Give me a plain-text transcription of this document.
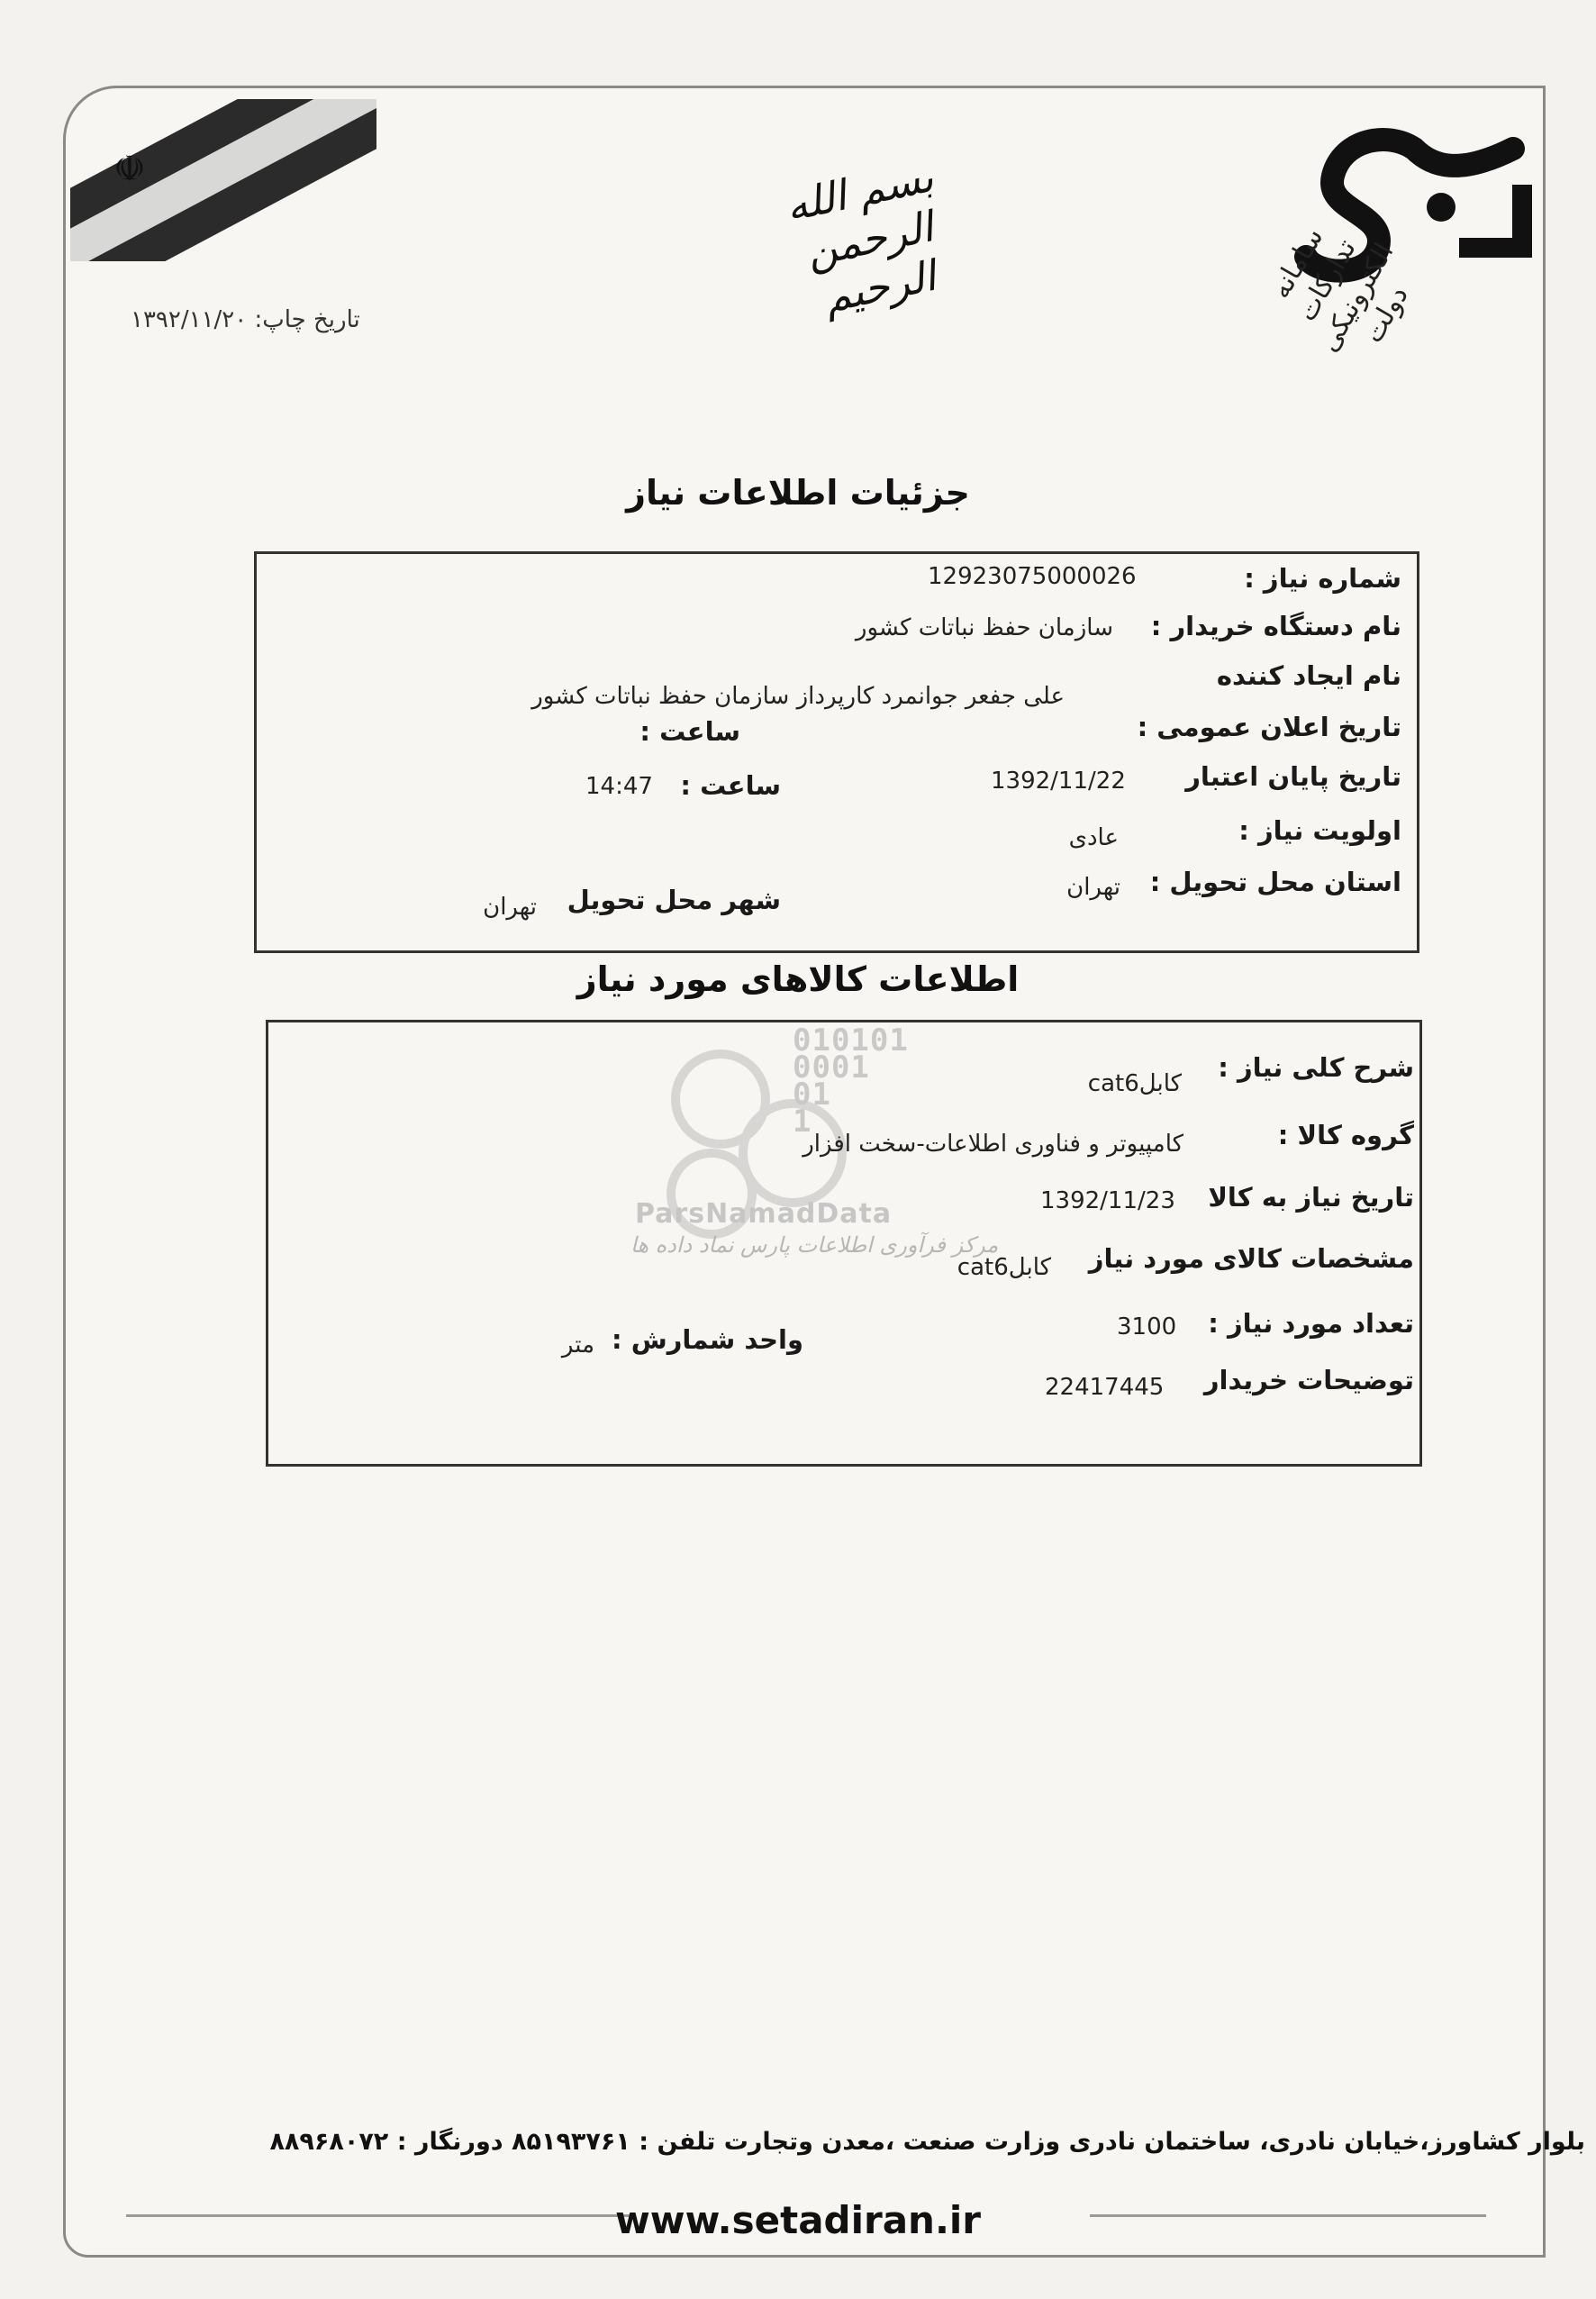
☫	بسم الله الرحمن الرحیم	سامانه تدارکات الکترونیکی دولت
تاریخ چاپ: ۱۳۹۲/۱۱/۲۰
جزئیات اطلاعات نیاز
شماره نیاز :
12923075000026
نام دستگاه خریدار :
سازمان حفظ نباتات کشور
نام ایجاد کننده
علی جفعر جوانمرد کارپرداز سازمان حفظ نباتات کشور
تاریخ اعلان عمومی :
ساعت :
تاریخ پایان اعتبار
1392/11/22
ساعت :
14:47
اولویت نیاز :
عادی
استان محل تحویل :
تهران
شهر محل تحویل
تهران
اطلاعات کالاهای مورد نیاز
010101
0001
01
1
ParsNamadData
مرکز فرآوری اطلاعات پارس نماد داده ها
شرح کلی نیاز :
کابلcat6
گروه کالا :
کامپیوتر و فناوری اطلاعات-سخت افزار
تاریخ نیاز به کالا
1392/11/23
مشخصات کالای مورد نیاز
کابلcat6
تعداد مورد نیاز :
3100
واحد شمارش :
متر
توضیحات خریدار
22417445
بلوار کشاورز،خیابان نادری، ساختمان نادری وزارت صنعت ،معدن وتجارت تلفن : ۸۵۱۹۳۷۶۱ دورنگار : ۸۸۹۶۸۰۷۲
www.setadiran.ir
